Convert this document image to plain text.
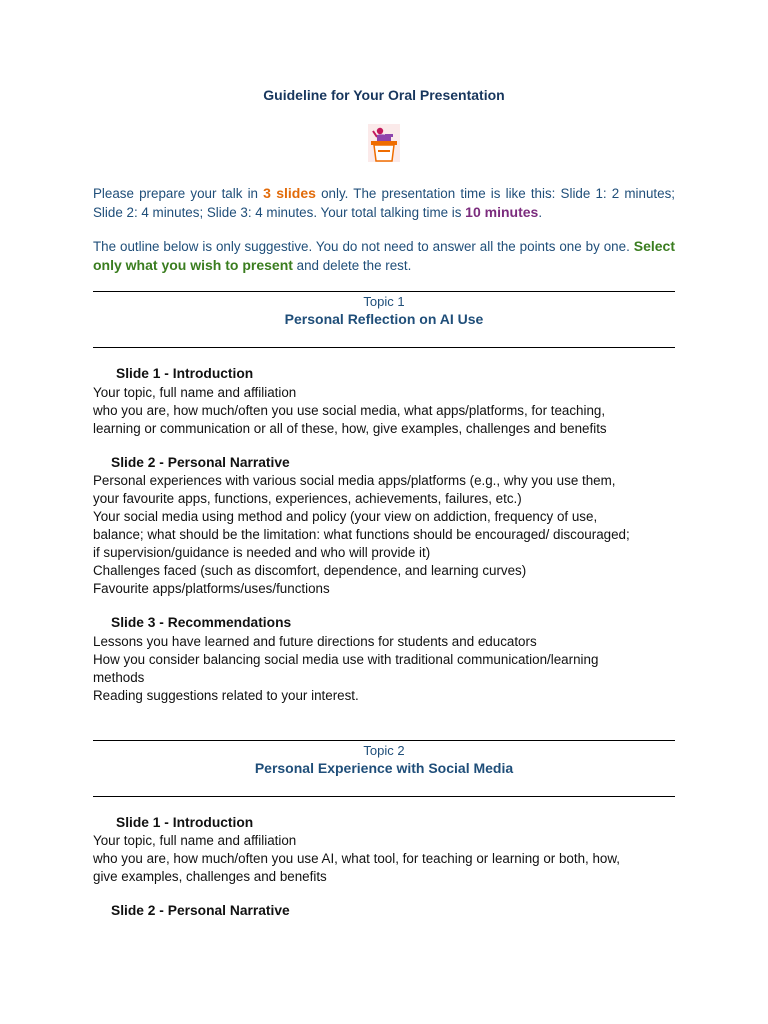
Guideline for Your Oral Presentation
Please prepare your talk in 3 slides only. The presentation time is like this: Slide 1: 2 minutes; Slide 2: 4 minutes; Slide 3: 4 minutes. Your total talking time is 10 minutes.
The outline below is only suggestive. You do not need to answer all the points one by one. Select only what you wish to present and delete the rest.
Topic 1
Personal Reflection on AI Use
Slide 1 - Introduction
Your topic, full name and affiliation
who you are, how much/often you use social media, what apps/platforms, for teaching,
learning or communication or all of these, how, give examples, challenges and benefits
Slide 2 - Personal Narrative
Personal experiences with various social media apps/platforms (e.g., why you use them,
your favourite apps, functions, experiences, achievements, failures, etc.)
Your social media using method and policy (your view on addiction, frequency of use,
balance; what should be the limitation: what functions should be encouraged/ discouraged;
if supervision/guidance is needed and who will provide it)
Challenges faced (such as discomfort, dependence, and learning curves)
Favourite apps/platforms/uses/functions
Slide 3 - Recommendations
Lessons you have learned and future directions for students and educators
How you consider balancing social media use with traditional communication/learning
methods
Reading suggestions related to your interest.
Topic 2
Personal Experience with Social Media
Slide 1 - Introduction
Your topic, full name and affiliation
who you are, how much/often you use AI, what tool, for teaching or learning or both, how,
give examples, challenges and benefits
Slide 2 - Personal Narrative
